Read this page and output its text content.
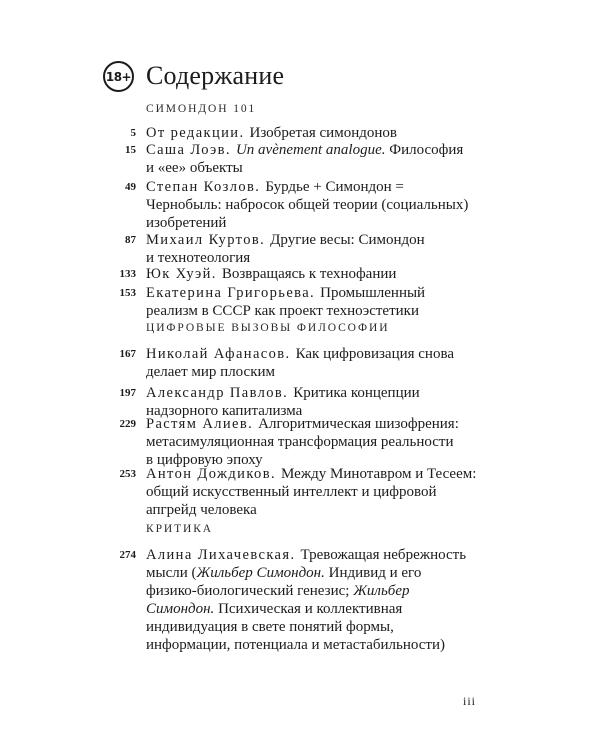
18+ Содержание
СИМОНДОН 101
5 От редакции. Изобретая симондонов
15 Саша Лоэв. Un avènement analogue. Философия
и «ее» объекты
49 Степан Козлов. Бурдье + Симондон =
Чернобыль: набросок общей теории (социальных)
изобретений
87 Михаил Куртов. Другие весы: Симондон
и технотеология
133 Юк Хуэй. Возвращаясь к технофании
153 Екатерина Григорьева. Промышленный
реализм в СССР как проект техноэстетики
ЦИФРОВЫЕ ВЫЗОВЫ ФИЛОСОФИИ
167 Николай Афанасов. Как цифровизация снова
делает мир плоским
197 Александр Павлов. Критика концепции
надзорного капитализма
229 Растям Алиев. Алгоритмическая шизофрения:
метасимуляционная трансформация реальности
в цифровую эпоху
253 Антон Дождиков. Между Минотавром и Тесеем:
общий искусственный интеллект и цифровой
апгрейд человека
КРИТИКА
274 Алина Лихачевская. Тревожащая небрежность
мысли (Жильбер Симондон. Индивид и его
физико-биологический генезис; Жильбер
Симондон. Психическая и коллективная
индивидуация в свете понятий формы,
информации, потенциала и метастабильности)
iii
